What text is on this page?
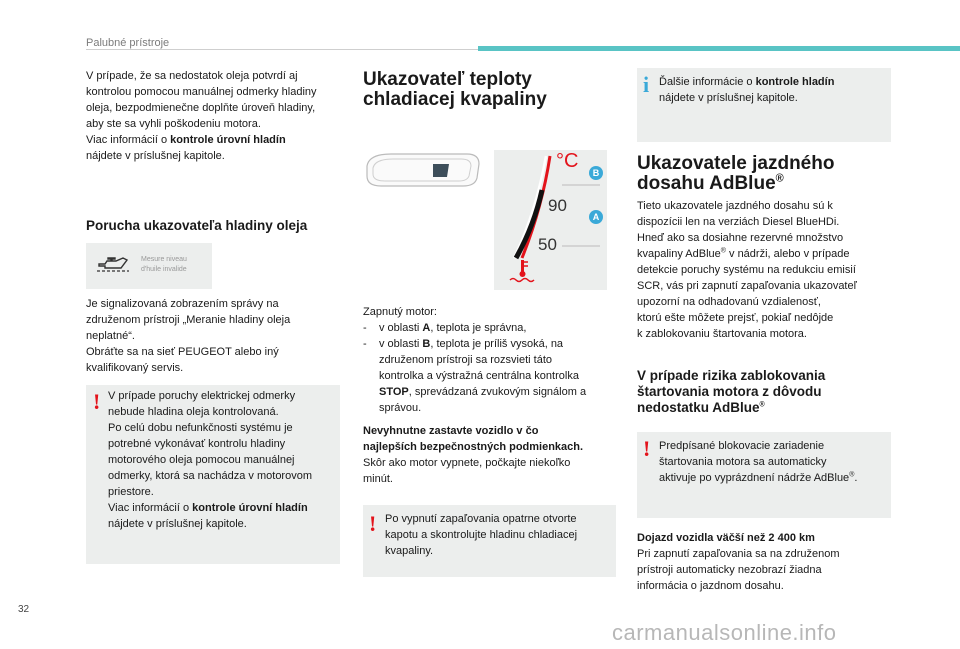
Palubné prístroje

V prípade, že sa nedostatok oleja potvrdí aj

kontrolou pomocou manuálnej odmerky hladiny

oleja, bezpodmienečne doplňte úroveň hladiny,

aby ste sa vyhli poškodeniu motora.

Viac informácií o kontrole úrovní hladín

nájdete v príslušnej kapitole.

Porucha ukazovateľa hladiny oleja
Mesure niveau
d'huile invalide

Je signalizovaná zobrazením správy na

združenom prístroji „Meranie hladiny oleja

neplatné“.

Obráťte sa na sieť PEUGEOT alebo iný

kvalifikovaný servis.

! V prípade poruchy elektrickej odmerky

nebude hladina oleja kontrolovaná.

Po celú dobu nefunkčnosti systému je

potrebné vykonávať kontrolu hladiny

motorového oleja pomocou manuálnej

odmerky, ktorá sa nachádza v motorovom

priestore.

Viac informácií o kontrole úrovní hladín

nájdete v príslušnej kapitole.

Ukazovateľ teploty
chladiacej kvapaliny
°C
90
50
B
A

Zapnutý motor:

-	v oblasti A, teplota je správna,
-	v oblasti B, teplota je príliš vysoká, na

združenom prístroji sa rozsvieti táto

kontrolka a výstražná centrálna kontrolka

STOP, sprevádzaná zvukovým signálom a

správou.

Nevyhnutne zastavte vozidlo v čo

najlepších bezpečnostných podmienkach.

Skôr ako motor vypnete, počkajte niekoľko

minút.

! Po vypnutí zapaľovania opatrne otvorte

kapotu a skontrolujte hladinu chladiacej

kvapaliny.

i Ďalšie informácie o kontrole hladín

nájdete v príslušnej kapitole.

Ukazovatele jazdného
dosahu AdBlue®

Tieto ukazovatele jazdného dosahu sú k

dispozícii len na verziách Diesel BlueHDi.

Hneď ako sa dosiahne rezervné množstvo

kvapaliny AdBlue® v nádrži, alebo v prípade

detekcie poruchy systému na redukciu emisií

SCR, vás pri zapnutí zapaľovania ukazovateľ

upozorní na odhadovanú vzdialenosť,

ktorú ešte môžete prejsť, pokiaľ nedôjde

k zablokovaniu štartovania motora.

V prípade rizika zablokovania
štartovania motora z dôvodu
nedostatku AdBlue®
! Predpísané blokovacie zariadenie

štartovania motora sa automaticky

aktivuje po vyprázdnení nádrže AdBlue®.

Dojazd vozidla väčší než 2 400 km

Pri zapnutí zapaľovania sa na združenom

prístroji automaticky nezobrazí žiadna

informácia o jazdnom dosahu.

32
carmanualsonline.info
